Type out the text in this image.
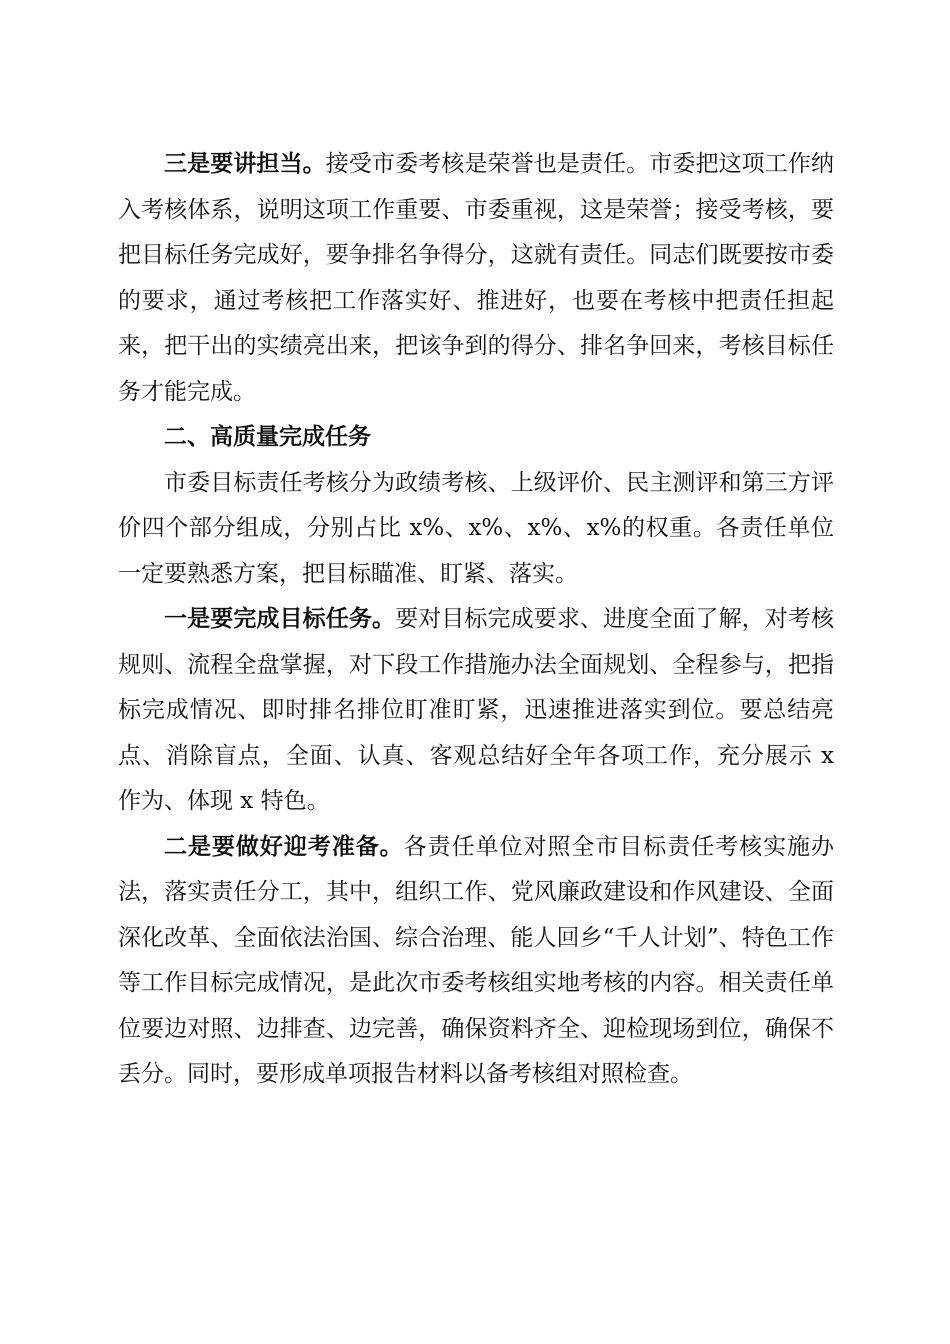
三是要讲担当。接受市委考核是荣誉也是责任。市委把这项工作纳入考核体系，说明这项工作重要、市委重视，这是荣誉；接受考核，要把目标任务完成好，要争排名争得分，这就有责任。同志们既要按市委的要求，通过考核把工作落实好、推进好，也要在考核中把责任担起来，把干出的实绩亮出来，把该争到的得分、排名争回来，考核目标任务才能完成。

二、高质量完成任务

市委目标责任考核分为政绩考核、上级评价、民主测评和第三方评价四个部分组成，分别占比 x%、x%、x%、x%的权重。各责任单位一定要熟悉方案，把目标瞄准、盯紧、落实。

一是要完成目标任务。要对目标完成要求、进度全面了解，对考核规则、流程全盘掌握，对下段工作措施办法全面规划、全程参与，把指标完成情况、即时排名排位盯准盯紧，迅速推进落实到位。要总结亮点、消除盲点，全面、认真、客观总结好全年各项工作，充分展示 x 作为、体现 x 特色。

二是要做好迎考准备。各责任单位对照全市目标责任考核实施办法，落实责任分工，其中，组织工作、党风廉政建设和作风建设、全面深化改革、全面依法治国、综合治理、能人回乡“千人计划”、特色工作等工作目标完成情况，是此次市委考核组实地考核的内容。相关责任单位要边对照、边排查、边完善，确保资料齐全、迎检现场到位，确保不丢分。同时，要形成单项报告材料以备考核组对照检查。
